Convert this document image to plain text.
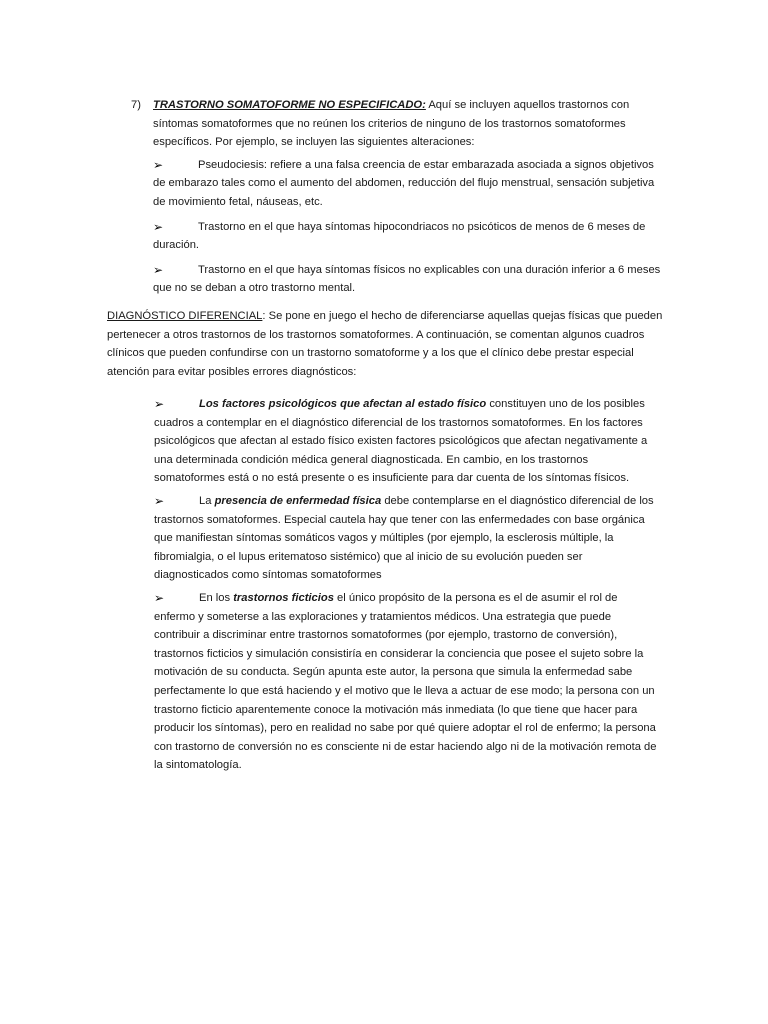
7)	TRASTORNO SOMATOFORME NO ESPECIFICADO: Aquí se incluyen aquellos trastornos con síntomas somatoformes que no reúnen los criterios de ninguno de los trastornos somatoformes específicos. Por ejemplo, se incluyen las siguientes alteraciones:
➢	Pseudociesis: refiere a una falsa creencia de estar embarazada asociada a signos objetivos de embarazo tales como el aumento del abdomen, reducción del flujo menstrual, sensación subjetiva de movimiento fetal, náuseas, etc.
➢	Trastorno en el que haya síntomas hipocondriacos no psicóticos de menos de 6 meses de duración.
➢	Trastorno en el que haya síntomas físicos no explicables con una duración inferior a 6 meses que no se deban a otro trastorno mental.
DIAGNÓSTICO DIFERENCIAL: Se pone en juego el hecho de diferenciarse aquellas quejas físicas que pueden pertenecer a otros trastornos de los trastornos somatoformes. A continuación, se comentan algunos cuadros clínicos que pueden confundirse con un trastorno somatoforme y a los que el clínico debe prestar especial atención para evitar posibles errores diagnósticos:
➢	Los factores psicológicos que afectan al estado físico constituyen uno de los posibles cuadros a contemplar en el diagnóstico diferencial de los trastornos somatoformes. En los factores psicológicos que afectan al estado físico existen factores psicológicos que afectan negativamente a una determinada condición médica general diagnosticada. En cambio, en los trastornos somatoformes está o no está presente o es insuficiente para dar cuenta de los síntomas físicos.
➢	La presencia de enfermedad física debe contemplarse en el diagnóstico diferencial de los trastornos somatoformes. Especial cautela hay que tener con las enfermedades con base orgánica que manifiestan síntomas somáticos vagos y múltiples (por ejemplo, la esclerosis múltiple, la fibromialgia, o el lupus eritematoso sistémico) que al inicio de su evolución pueden ser diagnosticados como síntomas somatoformes
➢	En los trastornos ficticios el único propósito de la persona es el de asumir el rol de enfermo y someterse a las exploraciones y tratamientos médicos. Una estrategia que puede contribuir a discriminar entre trastornos somatoformes (por ejemplo, trastorno de conversión), trastornos ficticios y simulación consistiría en considerar la conciencia que posee el sujeto sobre la motivación de su conducta. Según apunta este autor, la persona que simula la enfermedad sabe perfectamente lo que está haciendo y el motivo que le lleva a actuar de ese modo; la persona con un trastorno ficticio aparentemente conoce la motivación más inmediata (lo que tiene que hacer para producir los síntomas), pero en realidad no sabe por qué quiere adoptar el rol de enfermo; la persona con trastorno de conversión no es consciente ni de estar haciendo algo ni de la motivación remota de la sintomatología.
